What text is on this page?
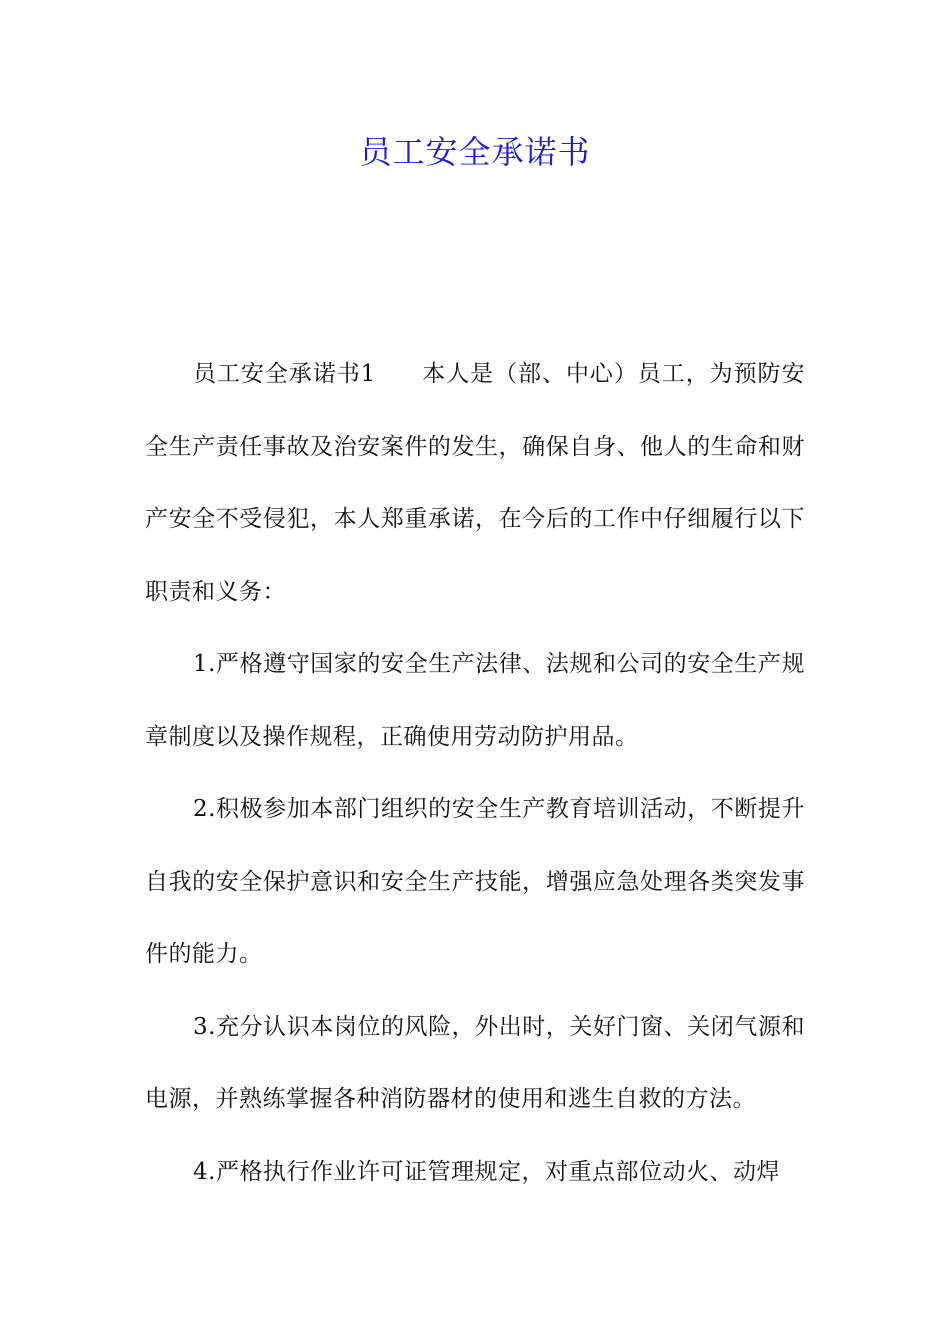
员工安全承诺书

员工安全承诺书1 本人是（部、中心）员工，为预防安全生产责任事故及治安案件的发生，确保自身、他人的生命和财产安全不受侵犯，本人郑重承诺，在今后的工作中仔细履行以下职责和义务：

1.严格遵守国家的安全生产法律、法规和公司的安全生产规章制度以及操作规程，正确使用劳动防护用品。

2.积极参加本部门组织的安全生产教育培训活动，不断提升自我的安全保护意识和安全生产技能，增强应急处理各类突发事件的能力。

3.充分认识本岗位的风险，外出时，关好门窗、关闭气源和电源，并熟练掌握各种消防器材的使用和逃生自救的方法。

4.严格执行作业许可证管理规定，对重点部位动火、动焊
